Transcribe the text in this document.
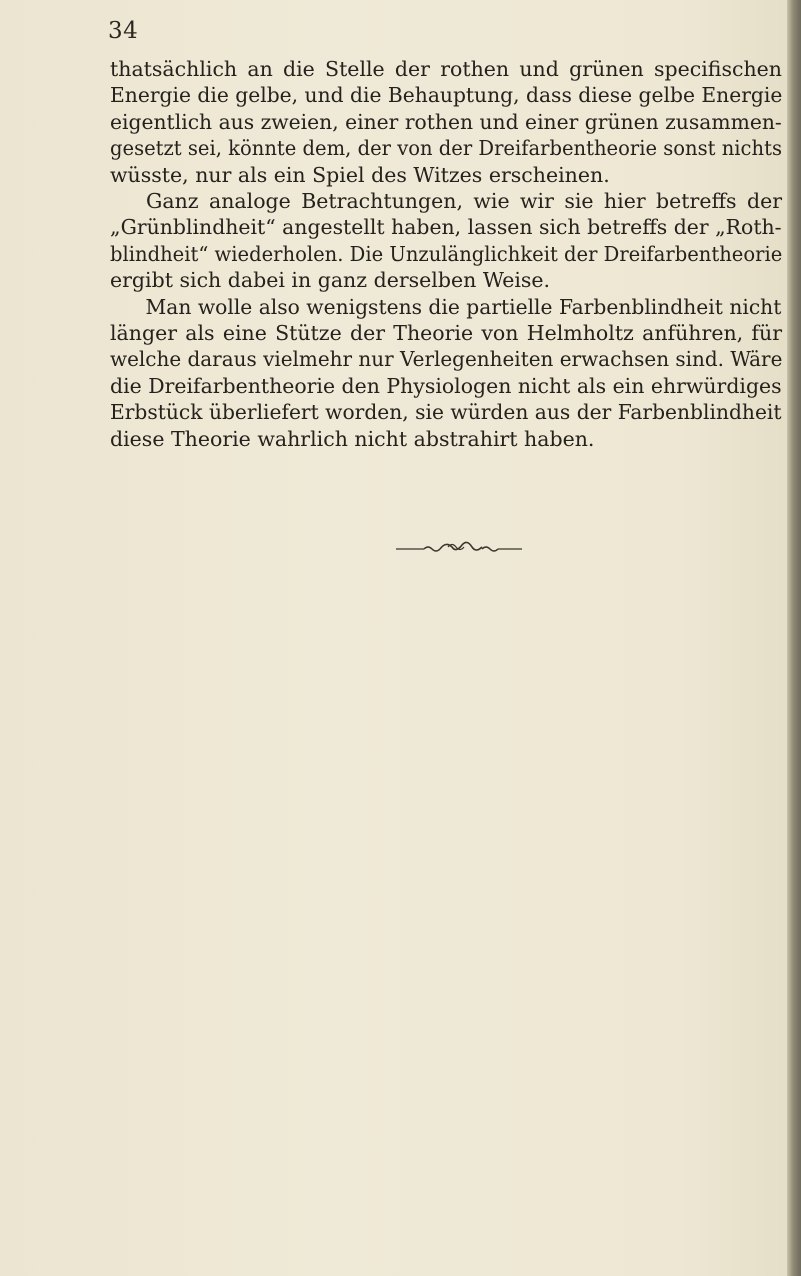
34
thatsächlich an die Stelle der rothen und grünen specifischen
Energie die gelbe, und die Behauptung, dass diese gelbe Energie
eigentlich aus zweien, einer rothen und einer grünen zusammen-
gesetzt sei, könnte dem, der von der Dreifarbentheorie sonst nichts
wüsste, nur als ein Spiel des Witzes erscheinen.
Ganz analoge Betrachtungen, wie wir sie hier betreffs der
„Grünblindheit“ angestellt haben, lassen sich betreffs der „Roth-
blindheit“ wiederholen. Die Unzulänglichkeit der Dreifarbentheorie
ergibt sich dabei in ganz derselben Weise.
Man wolle also wenigstens die partielle Farbenblindheit nicht
länger als eine Stütze der Theorie von Helmholtz anführen, für
welche daraus vielmehr nur Verlegenheiten erwachsen sind. Wäre
die Dreifarbentheorie den Physiologen nicht als ein ehrwürdiges
Erbstück überliefert worden, sie würden aus der Farbenblindheit
diese Theorie wahrlich nicht abstrahirt haben.
